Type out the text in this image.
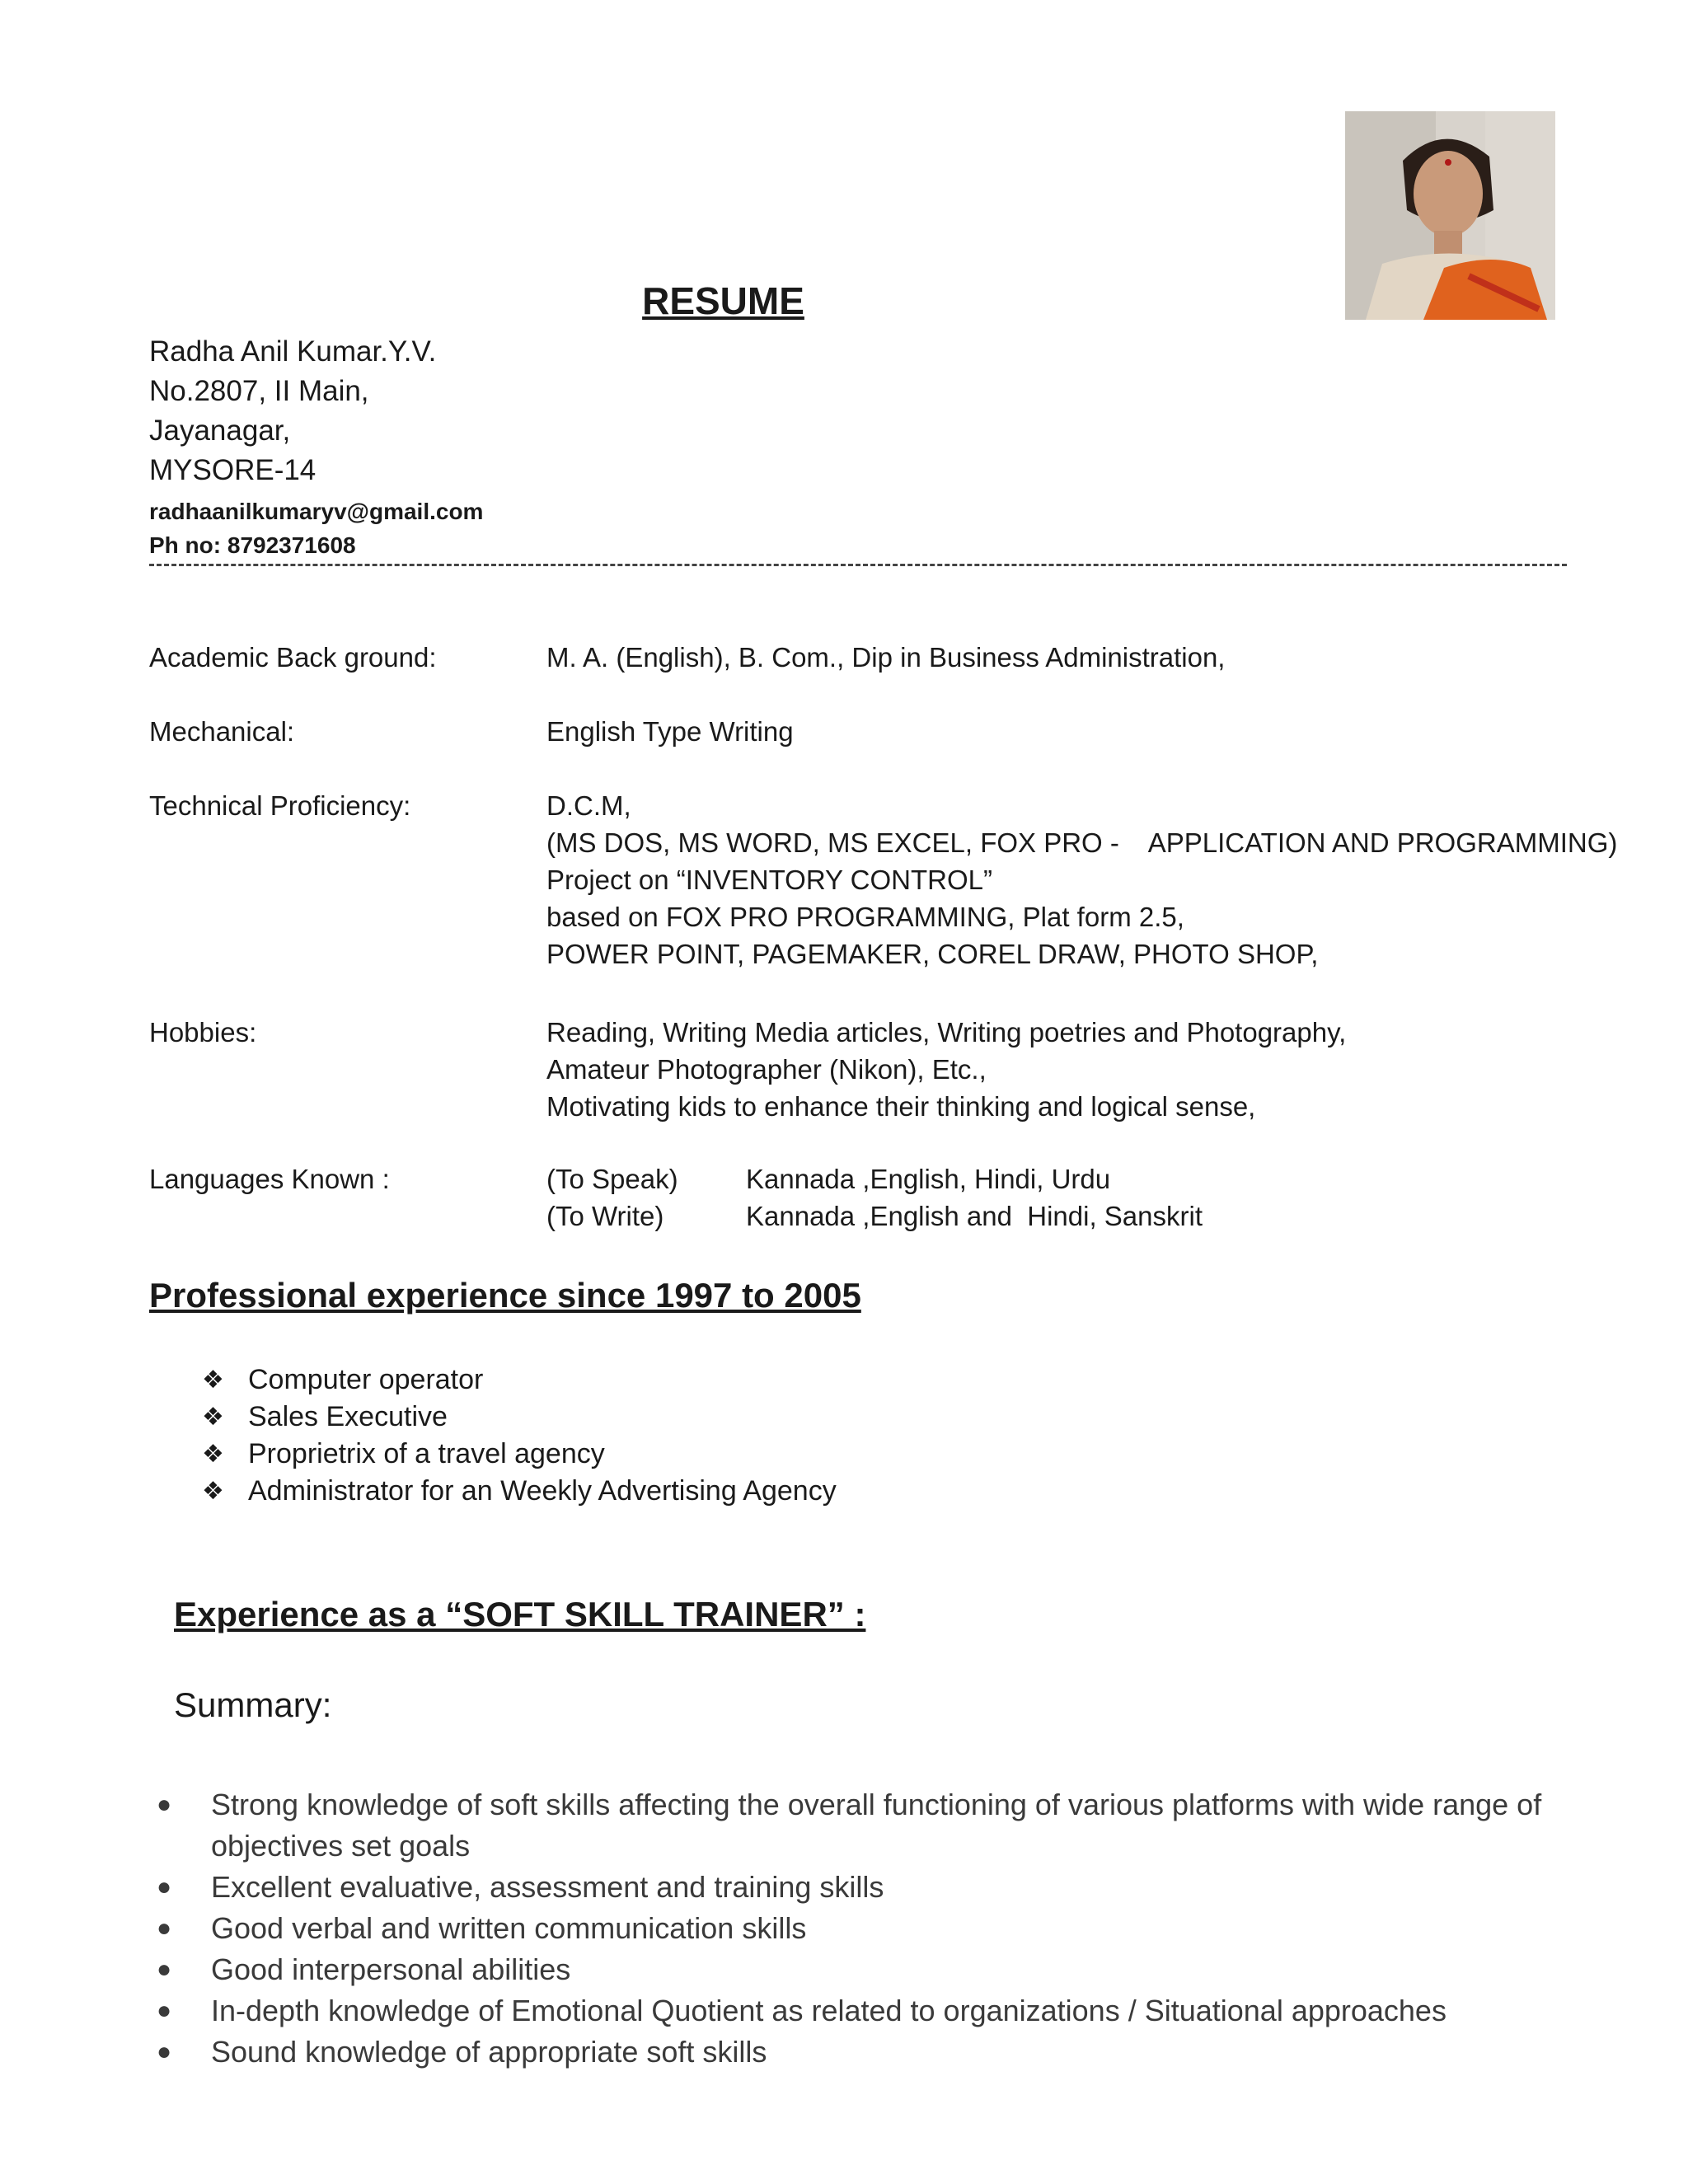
RESUME
Radha Anil Kumar.Y.V.
No.2807, II Main,
Jayanagar,
MYSORE-14
radhaanilkumaryv@gmail.com
Ph no: 8792371608
Academic Back ground:	M. A. (English), B. Com., Dip in Business Administration,
Mechanical:	English Type Writing
Technical Proficiency:	D.C.M,
(MS DOS, MS WORD, MS EXCEL, FOX PRO -    APPLICATION AND PROGRAMMING)
Project on “INVENTORY CONTROL”
based on FOX PRO PROGRAMMING, Plat form 2.5,
POWER POINT, PAGEMAKER, COREL DRAW, PHOTO SHOP,
Hobbies:	Reading, Writing Media articles, Writing poetries and Photography,
Amateur Photographer (Nikon), Etc.,
Motivating kids to enhance their thinking and logical sense,
Languages Known :	(To Speak) Kannada ,English, Hindi, Urdu
(To Write)	Kannada ,English and  Hindi, Sanskrit
Professional experience since 1997 to 2005
❖ Computer operator
❖ Sales Executive
❖ Proprietrix of a travel agency
❖ Administrator for an Weekly Advertising Agency
Experience as a “SOFT SKILL TRAINER” :
Summary:
●	Strong knowledge of soft skills affecting the overall functioning of various platforms with wide range of objectives set goals
●	Excellent evaluative, assessment and training skills
●	Good verbal and written communication skills
●	Good interpersonal abilities
●	In-depth knowledge of Emotional Quotient as related to organizations / Situational approaches
●	Sound knowledge of appropriate soft skills
